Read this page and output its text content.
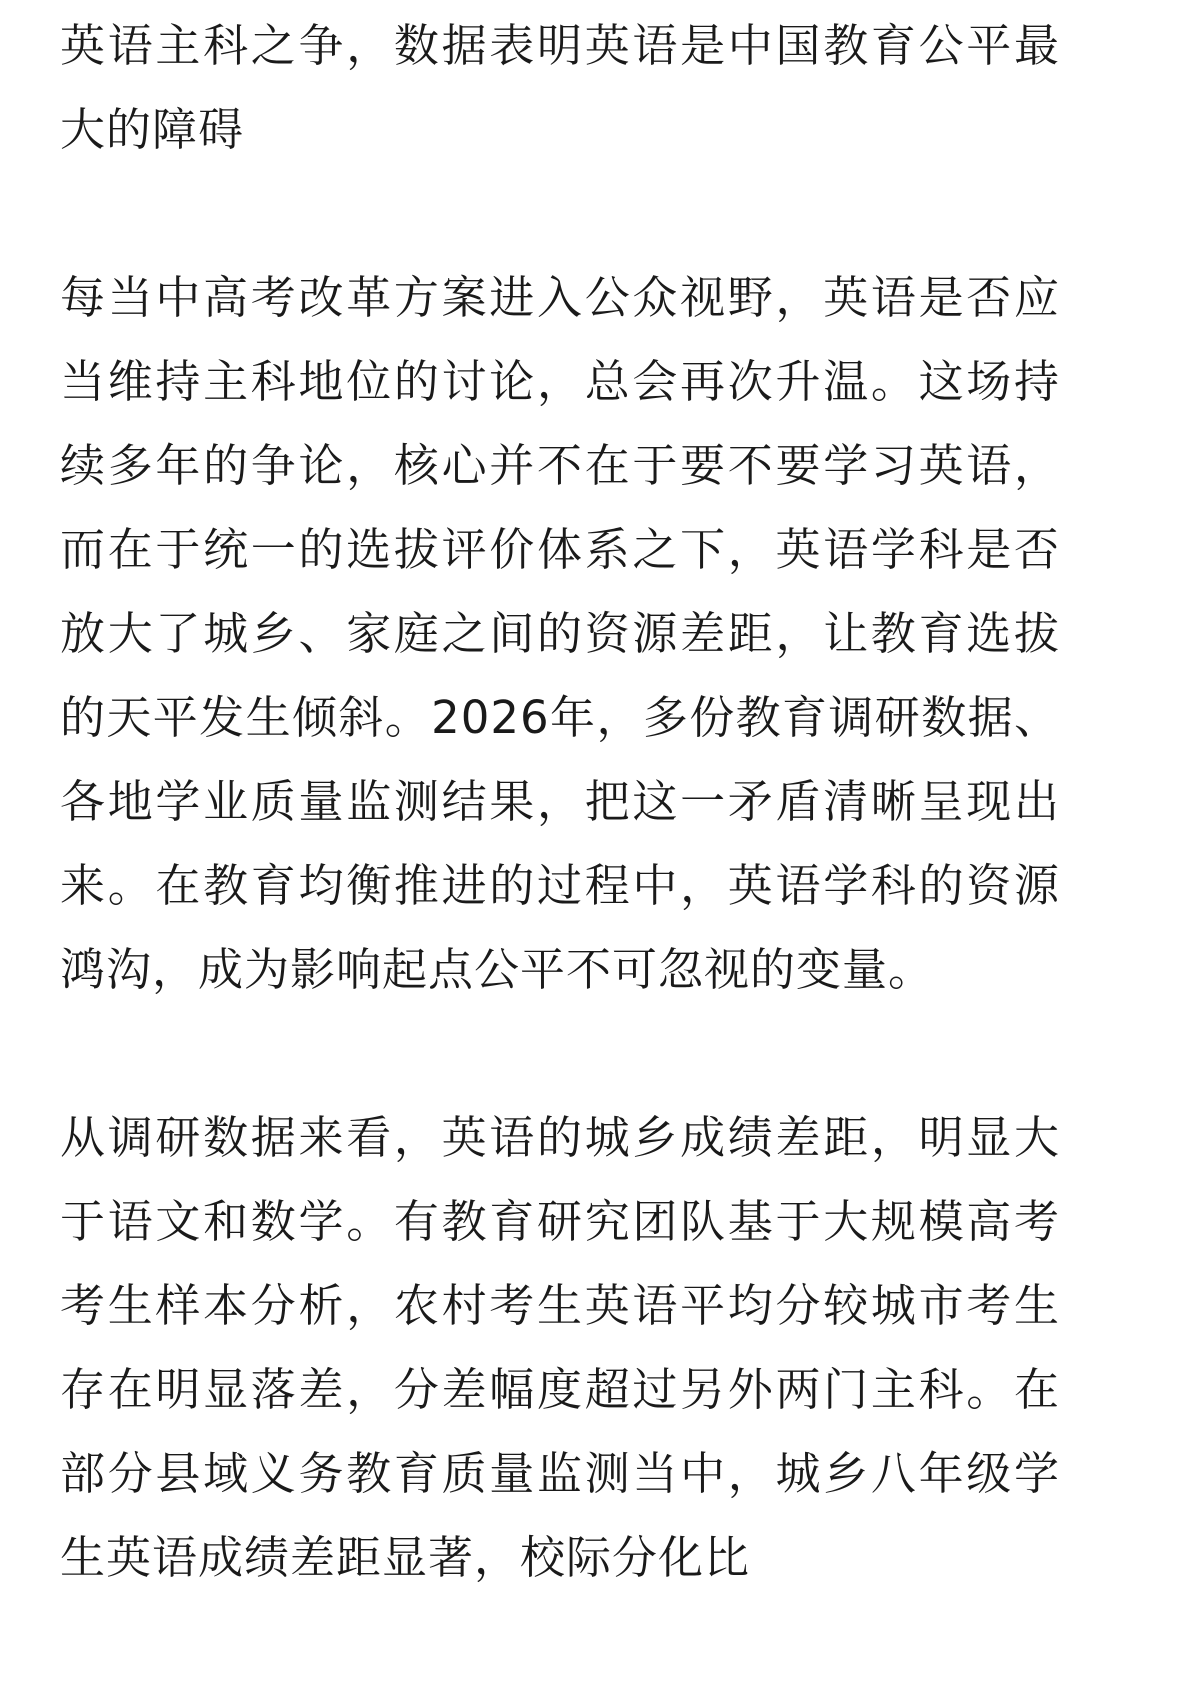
英语主科之争，数据表明英语是中国教育公平最大的障碍

每当中高考改革方案进入公众视野，英语是否应当维持主科地位的讨论，总会再次升温。这场持续多年的争论，核心并不在于要不要学习英语，而在于统一的选拔评价体系之下，英语学科是否放大了城乡、家庭之间的资源差距，让教育选拔的天平发生倾斜。2026年，多份教育调研数据、各地学业质量监测结果，把这一矛盾清晰呈现出来。在教育均衡推进的过程中，英语学科的资源鸿沟，成为影响起点公平不可忽视的变量。

从调研数据来看，英语的城乡成绩差距，明显大于语文和数学。有教育研究团队基于大规模高考考生样本分析，农村考生英语平均分较城市考生存在明显落差，分差幅度超过另外两门主科。在部分县域义务教育质量监测当中，城乡八年级学生英语成绩差距显著，校际分化比
